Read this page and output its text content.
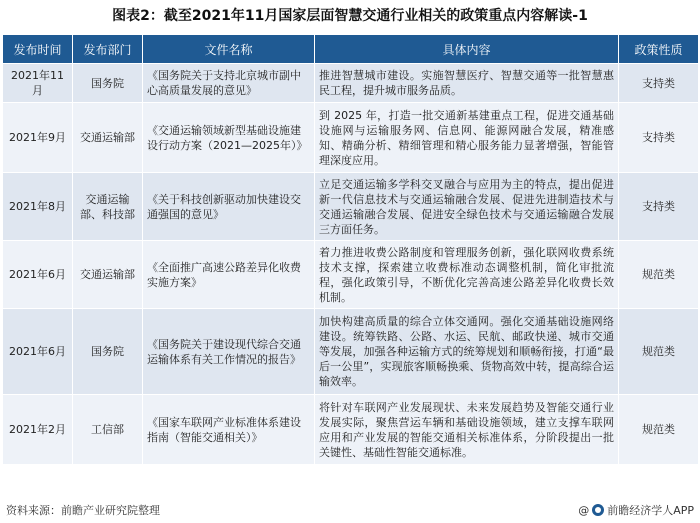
图表2：截至2021年11月国家层面智慧交通行业相关的政策重点内容解读-1
发布时间	发布部门	文件名称	具体内容	政策性质
2021年11月	国务院	《国务院关于支持北京城市副中心高质量发展的意见》	推进智慧城市建设。实施智慧医疗、智慧交通等一批智慧惠民工程，提升城市服务品质。	支持类
2021年9月	交通运输部	《交通运输领域新型基础设施建设行动方案（2021—2025年）》	到 2025 年，打造一批交通新基建重点工程，促进交通基础设施网与运输服务网、信息网、能源网融合发展，精准感知、精确分析、精细管理和精心服务能力显著增强，智能管理深度应用。	支持类
2021年8月	交通运输部、科技部	《关于科技创新驱动加快建设交通强国的意见》	立足交通运输多学科交叉融合与应用为主的特点，提出促进新一代信息技术与交通运输融合发展、促进先进制造技术与交通运输融合发展、促进安全绿色技术与交通运输融合发展三方面任务。	支持类
2021年6月	交通运输部	《全面推广高速公路差异化收费实施方案》	着力推进收费公路制度和管理服务创新，强化联网收费系统技术支撑，探索建立收费标准动态调整机制，简化审批流程，强化政策引导，不断优化完善高速公路差异化收费长效机制。	规范类
2021年6月	国务院	《国务院关于建设现代综合交通运输体系有关工作情况的报告》	加快构建高质量的综合立体交通网。强化交通基础设施网络建设。统筹铁路、公路、水运、民航、邮政快递、城市交通等发展，加强各种运输方式的统筹规划和顺畅衔接，打通“最后一公里”，实现旅客顺畅换乘、货物高效中转，提高综合运输效率。	规范类
2021年2月	工信部	《国家车联网产业标准体系建设指南（智能交通相关）》	将针对车联网产业发展现状、未来发展趋势及智能交通行业发展实际，聚焦营运车辆和基础设施领域，建立支撑车联网应用和产业发展的智能交通相关标准体系，分阶段提出一批关键性、基础性智能交通标准。	规范类
资料来源：前瞻产业研究院整理	@ 前瞻经济学人APP
